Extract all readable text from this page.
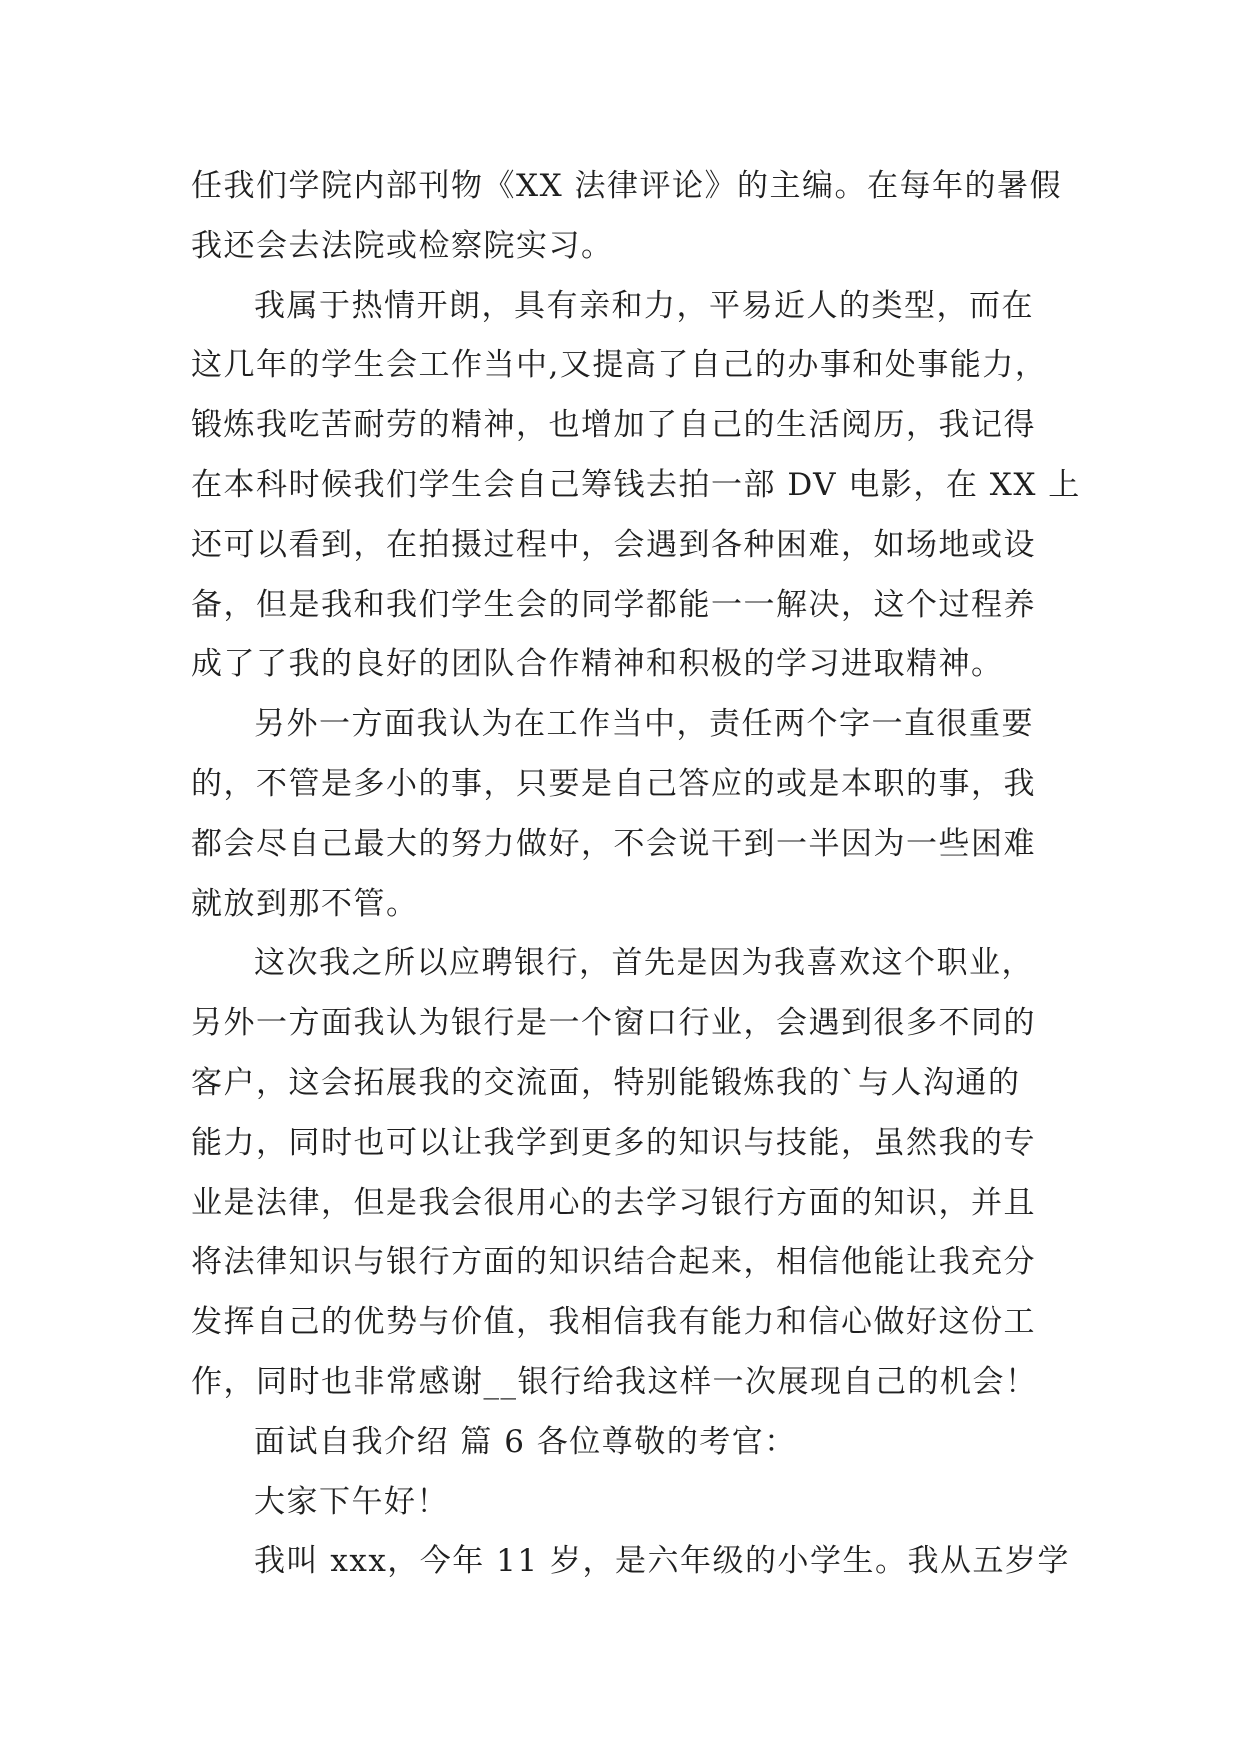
任我们学院内部刊物《XX 法律评论》的主编。在每年的暑假
我还会去法院或检察院实习。
我属于热情开朗，具有亲和力，平易近人的类型，而在
这几年的学生会工作当中,又提高了自己的办事和处事能力，
锻炼我吃苦耐劳的精神，也增加了自己的生活阅历，我记得
在本科时候我们学生会自己筹钱去拍一部 DV 电影，在 XX 上
还可以看到，在拍摄过程中，会遇到各种困难，如场地或设
备，但是我和我们学生会的同学都能一一解决，这个过程养
成了了我的良好的团队合作精神和积极的学习进取精神。
另外一方面我认为在工作当中，责任两个字一直很重要
的，不管是多小的事，只要是自己答应的或是本职的事，我
都会尽自己最大的努力做好，不会说干到一半因为一些困难
就放到那不管。
这次我之所以应聘银行，首先是因为我喜欢这个职业，
另外一方面我认为银行是一个窗口行业，会遇到很多不同的
客户，这会拓展我的交流面，特别能锻炼我的`与人沟通的
能力，同时也可以让我学到更多的知识与技能，虽然我的专
业是法律，但是我会很用心的去学习银行方面的知识，并且
将法律知识与银行方面的知识结合起来，相信他能让我充分
发挥自己的优势与价值，我相信我有能力和信心做好这份工
作，同时也非常感谢__银行给我这样一次展现自己的机会！
面试自我介绍 篇 6 各位尊敬的考官：
大家下午好！
我叫 xxx，今年 11 岁，是六年级的小学生。我从五岁学
